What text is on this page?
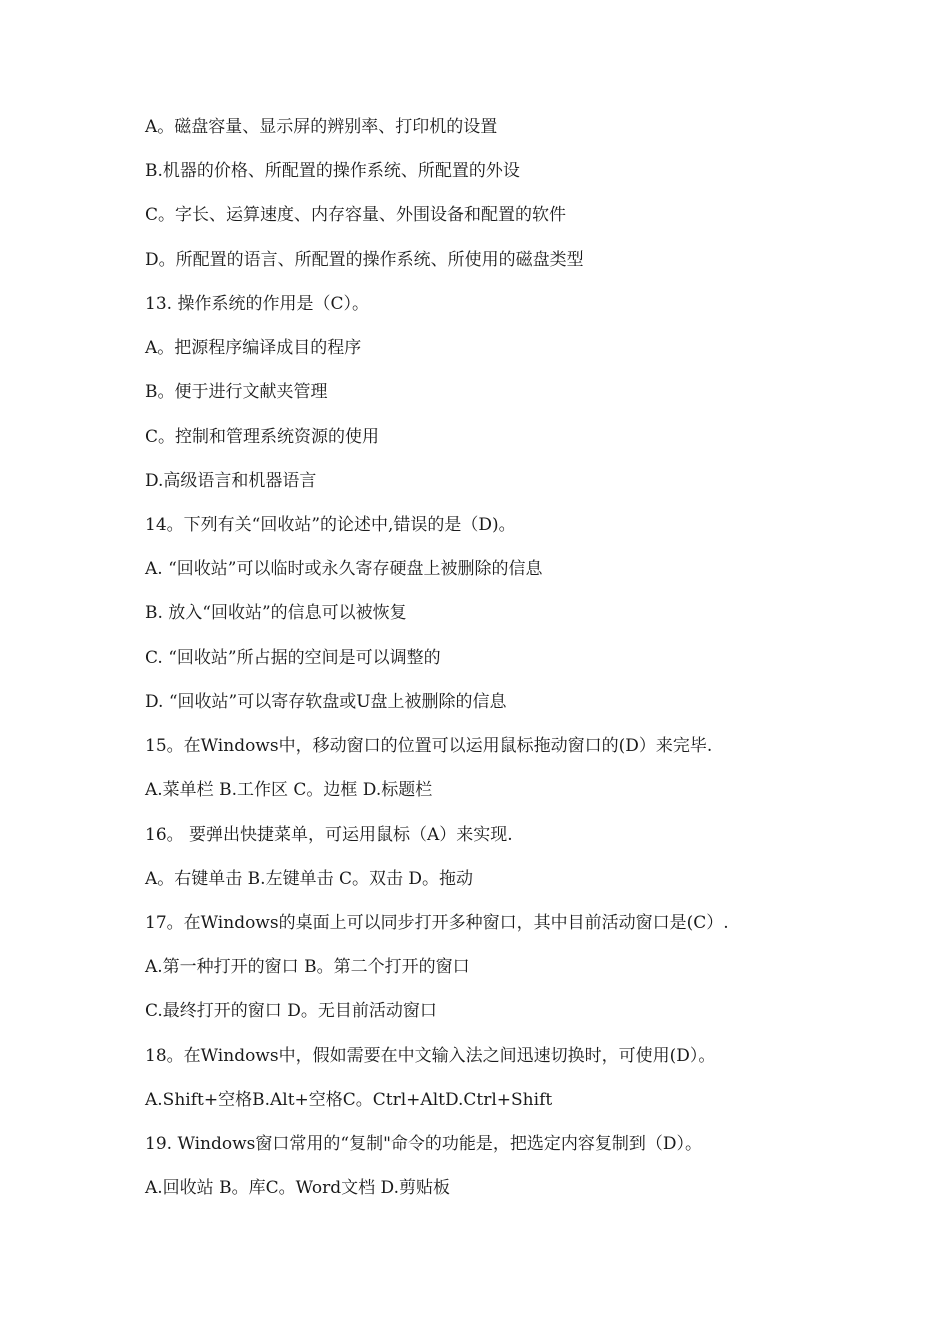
A。磁盘容量、显示屏的辨别率、打印机的设置
B.机器的价格、所配置的操作系统、所配置的外设
C。字长、运算速度、内存容量、外围设备和配置的软件
D。所配置的语言、所配置的操作系统、所使用的磁盘类型
13. 操作系统的作用是（C）。
A。把源程序编译成目的程序
B。便于进行文献夹管理
C。控制和管理系统资源的使用
D.高级语言和机器语言
14。下列有关“回收站”的论述中,错误的是（D)。
A. “回收站”可以临时或永久寄存硬盘上被删除的信息
B. 放入“回收站”的信息可以被恢复
C. “回收站”所占据的空间是可以调整的
D. “回收站”可以寄存软盘或U盘上被删除的信息
15。在Windows中，移动窗口的位置可以运用鼠标拖动窗口的(D）来完毕.
A.菜单栏 B.工作区 C。边框 D.标题栏
16。 要弹出快捷菜单，可运用鼠标（A）来实现.
A。右键单击 B.左键单击 C。双击 D。拖动
17。在Windows的桌面上可以同步打开多种窗口，其中目前活动窗口是(C）.
A.第一种打开的窗口 B。第二个打开的窗口
C.最终打开的窗口 D。无目前活动窗口
18。在Windows中，假如需要在中文输入法之间迅速切换时，可使用(D）。
A.Shift+空格B.Alt+空格C。Ctrl+AltD.Ctrl+Shift
19. Windows窗口常用的“复制"命令的功能是，把选定内容复制到（D）。
A.回收站 B。库C。Word文档 D.剪贴板
